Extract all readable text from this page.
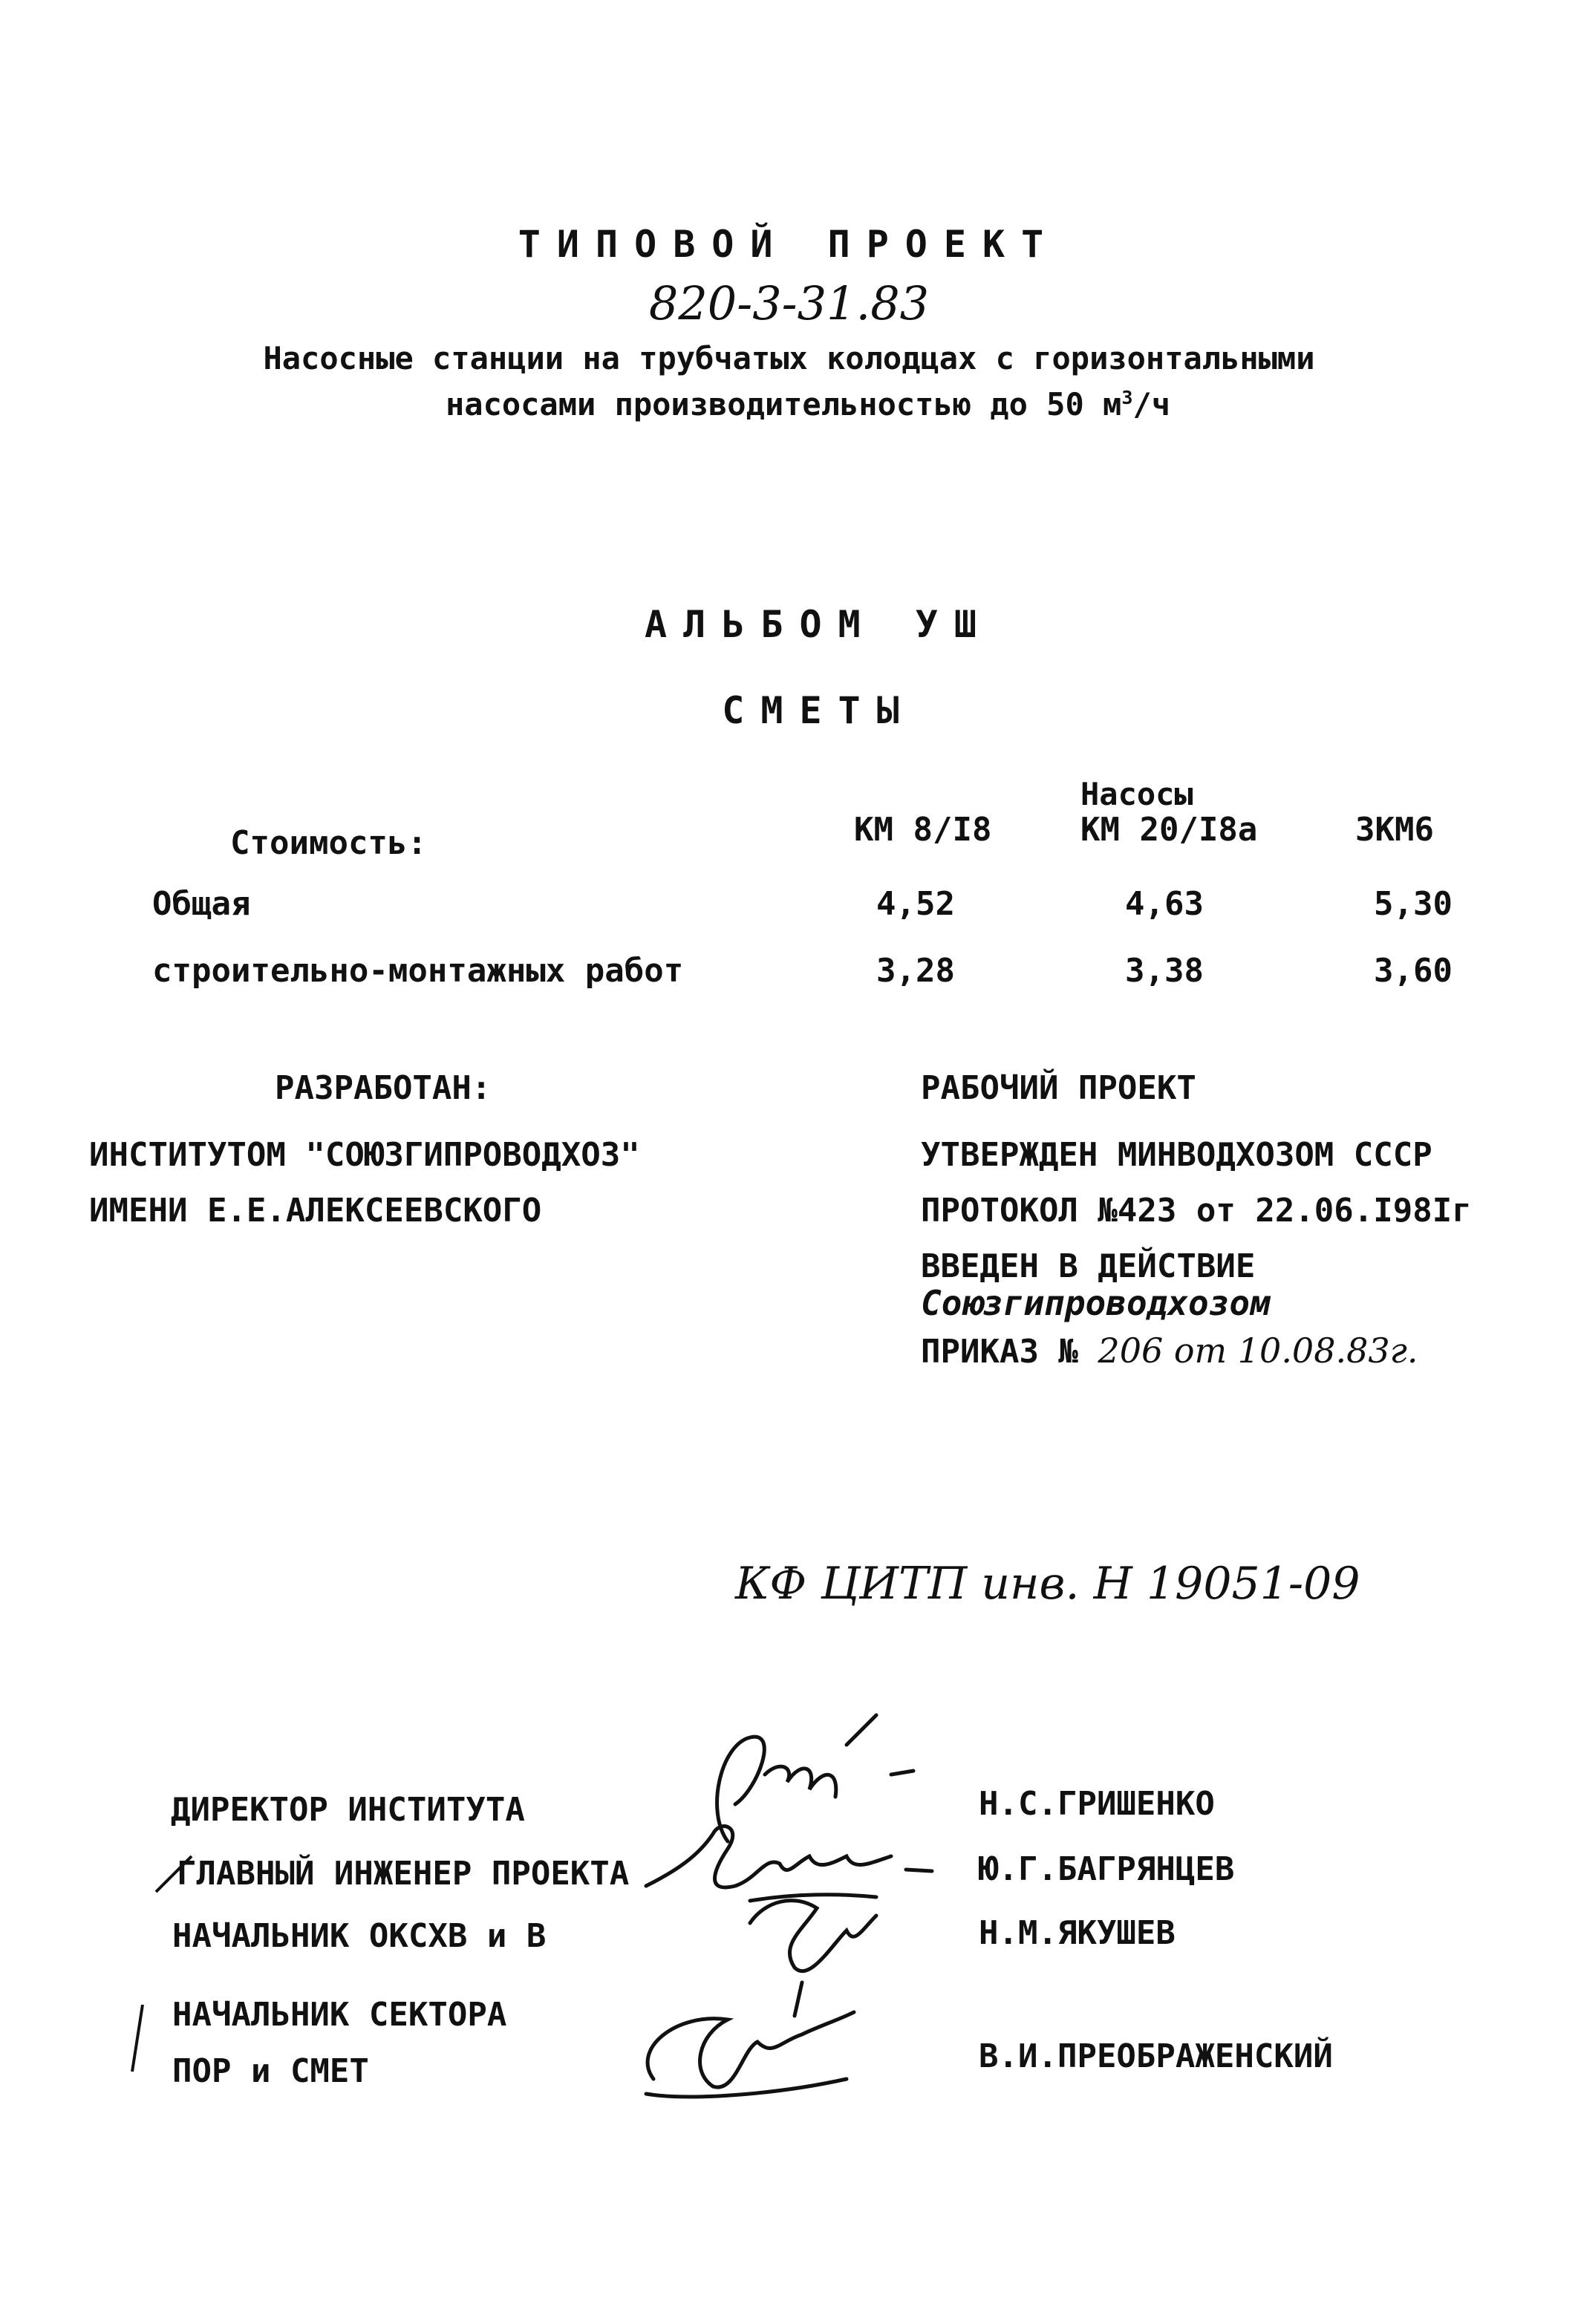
ТИПОВОЙ ПРОЕКТ
820-3-31.83
Насосные станции на трубчатых колодцах с горизонтальными
насосами производительностью до 50 $м^3/ч$
АЛЬБОМ УШ
СМЕТЫ
Насосы
Стоимость:	КМ 8/I8	КМ 20/I8а	3КМ6
Общая	4,52	4,63	5,30
строительно-монтажных работ	3,28	3,38	3,60
РАЗРАБОТАН:
ИНСТИТУТОМ "СОЮЗГИПРОВОДХОЗ"
ИМЕНИ Е.Е.АЛЕКСЕЕВСКОГО
РАБОЧИЙ ПРОЕКТ
УТВЕРЖДЕН МИНВОДХОЗОМ СССР
ПРОТОКОЛ №423 от 22.06.I98Iг
ВВЕДЕН В ДЕЙСТВИЕ
Союзгипроводхозом
ПРИКАЗ № 206 от 10.08.83г.
КФ ЦИТП инв. Н 19051-09
ДИРЕКТОР ИНСТИТУТА	Н.С.ГРИШЕНКО
ГЛАВНЫЙ ИНЖЕНЕР ПРОЕКТА	Ю.Г.БАГРЯНЦЕВ
НАЧАЛЬНИК ОКСХВ и В	Н.М.ЯКУШЕВ
НАЧАЛЬНИК СЕКТОРА
ПОР и СМЕТ	В.И.ПРЕОБРАЖЕНСКИЙ
